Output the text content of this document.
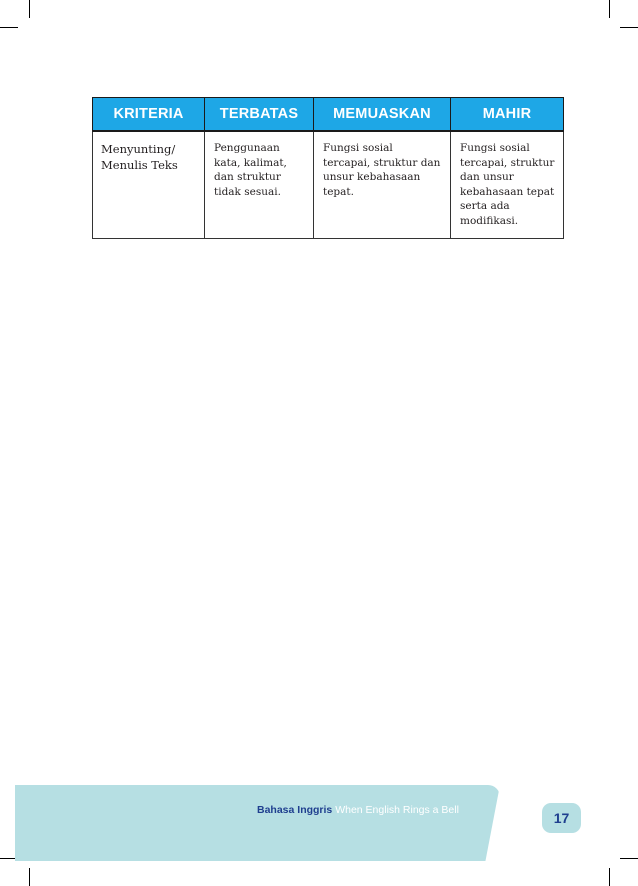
KRITERIA	TERBATAS	MEMUASKAN	MAHIR
Menyunting/ Menulis Teks	Penggunaan kata, kalimat, dan struktur tidak sesuai.	Fungsi sosial tercapai, struktur dan unsur kebahasaan tepat.	Fungsi sosial tercapai, struktur dan unsur kebahasaan tepat serta ada modifikasi.
Bahasa Inggris When English Rings a Bell	17
